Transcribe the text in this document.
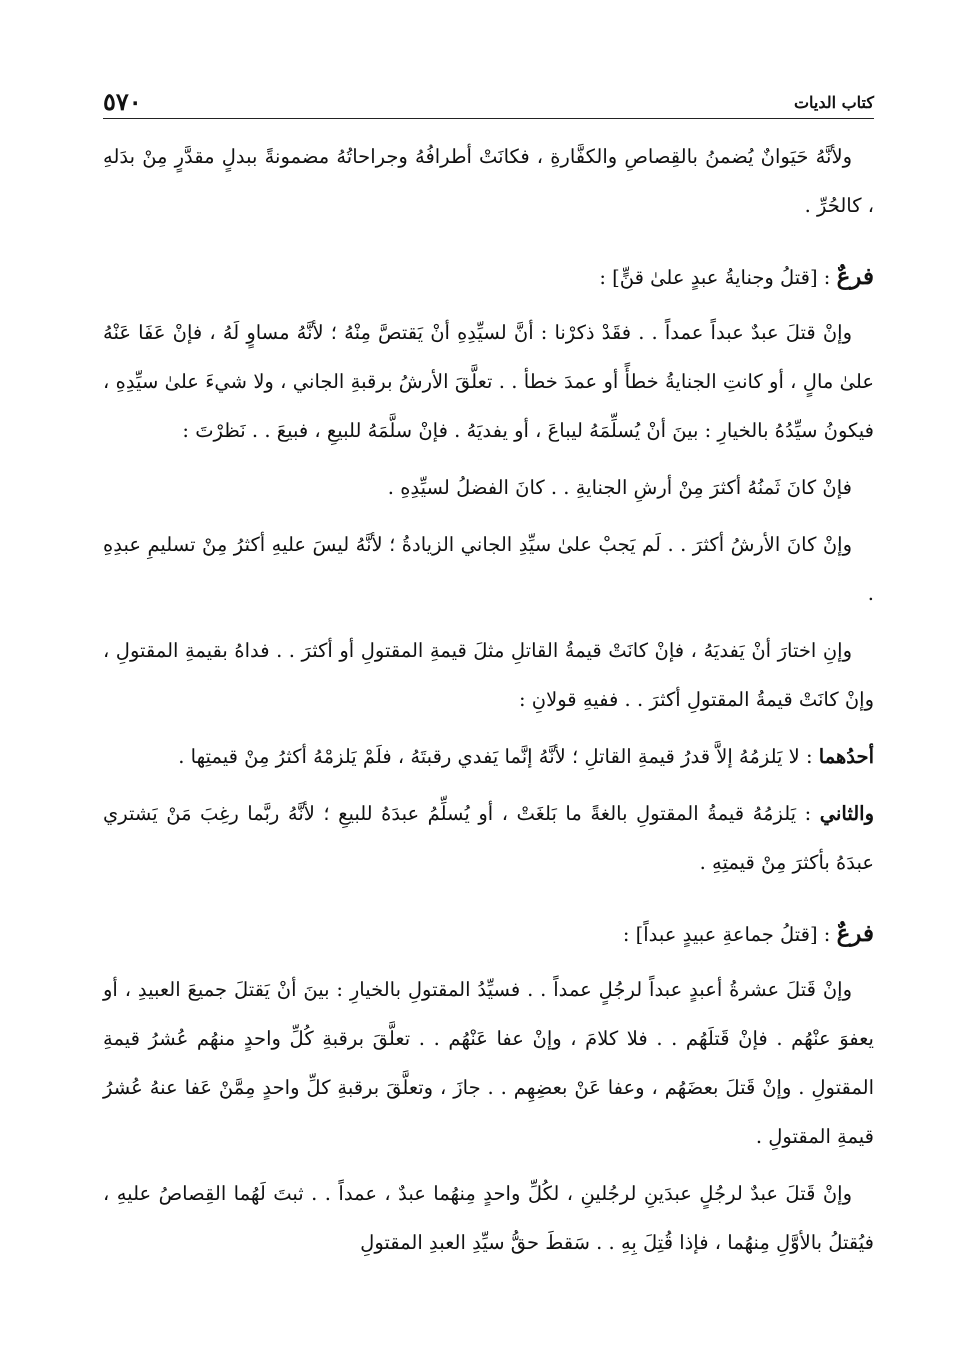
٥٧٠	كتاب الديات

ولأنَّهُ حَيَوانٌ يُضمنُ بالقِصاصِ والكفَّارةِ ، فكانَتْ أطرافُهُ وجراحاتُهُ مضمونةً ببدلٍ مقدَّرٍ مِنْ بدَلهِ ، كالحُرِّ .

فرعٌ : [قتلُ وجنايةُ عبدٍ علىٰ قنٍّ] :

وإنْ قتلَ عبدٌ عبداً عمداً . . فقَدْ ذكرْنا : أنَّ لسيِّدِهِ أنْ يَقتصَّ مِنْهُ ؛ لأنَّهُ مساوٍ لَهُ ، فإنْ عَفَا عَنْهُ علىٰ مالٍ ، أو كانتِ الجنايةُ خطأً أو عمدَ خطأ . . تعلَّقَ الأرشُ برقبةِ الجاني ، ولا شيءَ علىٰ سيِّدِهِ ، فيكونُ سيِّدُهُ بالخيارِ : بينَ أنْ يُسلِّمَهُ ليباعَ ، أو يفديَهُ . فإنْ سلَّمَهُ للبيعِ ، فبيعَ . . نَظرْتَ :

فإنْ كانَ ثَمنُهُ أكثرَ مِنْ أرشِ الجنايةِ . . كانَ الفضلُ لسيِّدِهِ .

وإنْ كانَ الأرشُ أكثرَ . . لَم يَجبْ علىٰ سيِّدِ الجاني الزيادةُ ؛ لأنَّهُ ليسَ عليهِ أكثرُ مِنْ تسليمِ عبدِهِ .

وإنِ اختارَ أنْ يَفديَهُ ، فإنْ كانَتْ قيمةُ القاتلِ مثلَ قيمةِ المقتولِ أو أكثرَ . . فداهُ بقيمةِ المقتولِ ، وإنْ كانَتْ قيمةُ المقتولِ أكثرَ . . ففيهِ قولانِ :

أحدُهما : لا يَلزمُهُ إلاَّ قدرُ قيمةِ القاتلِ ؛ لأنَّهُ إنَّما يَفدي رقبتَهُ ، فلَمْ يَلزمْهُ أكثرُ مِنْ قيمتِها .

والثاني : يَلزمُهُ قيمةُ المقتولِ بالغةً ما بَلغَتْ ، أو يُسلِّمُ عبدَهُ للبيعِ ؛ لأنَّهُ ربَّما رغِبَ مَنْ يَشتري عبدَهُ بأكثرَ مِنْ قيمتِهِ .

فرعٌ : [قتلُ جماعةِ عبيدٍ عبداً] :

وإنْ قَتلَ عشرةُ أعبدٍ عبداً لرجُلٍ عمداً . . فسيِّدُ المقتولِ بالخيارِ : بينَ أنْ يَقتلَ جميعَ العبيدِ ، أو يعفوَ عنْهُم . فإنْ قَتلَهُم . . فلا كلامَ ، وإنْ عفا عَنْهُم . . تعلَّقَ برقبةِ كُلِّ واحدٍ منهُم عُشرُ قيمةِ المقتولِ . وإنْ قَتلَ بعضَهُم ، وعفا عَنْ بعضِهِم . . جازَ ، وتعلَّقَ برقبةِ كلِّ واحدٍ مِمَّنْ عَفا عنهُ عُشرُ قيمةِ المقتولِ .

وإنْ قَتلَ عبدٌ لرجُلٍ عبدَينِ لرجُلينِ ، لكُلِّ واحدٍ مِنهُما عبدٌ ، عمداً . . ثبتَ لَهُما القِصاصُ عليهِ ، فيُقتلُ بالأوَّلِ مِنهُما ، فإذا قُتِلَ بِهِ . . سَقطَ حقُّ سيِّدِ العبدِ المقتولِ
